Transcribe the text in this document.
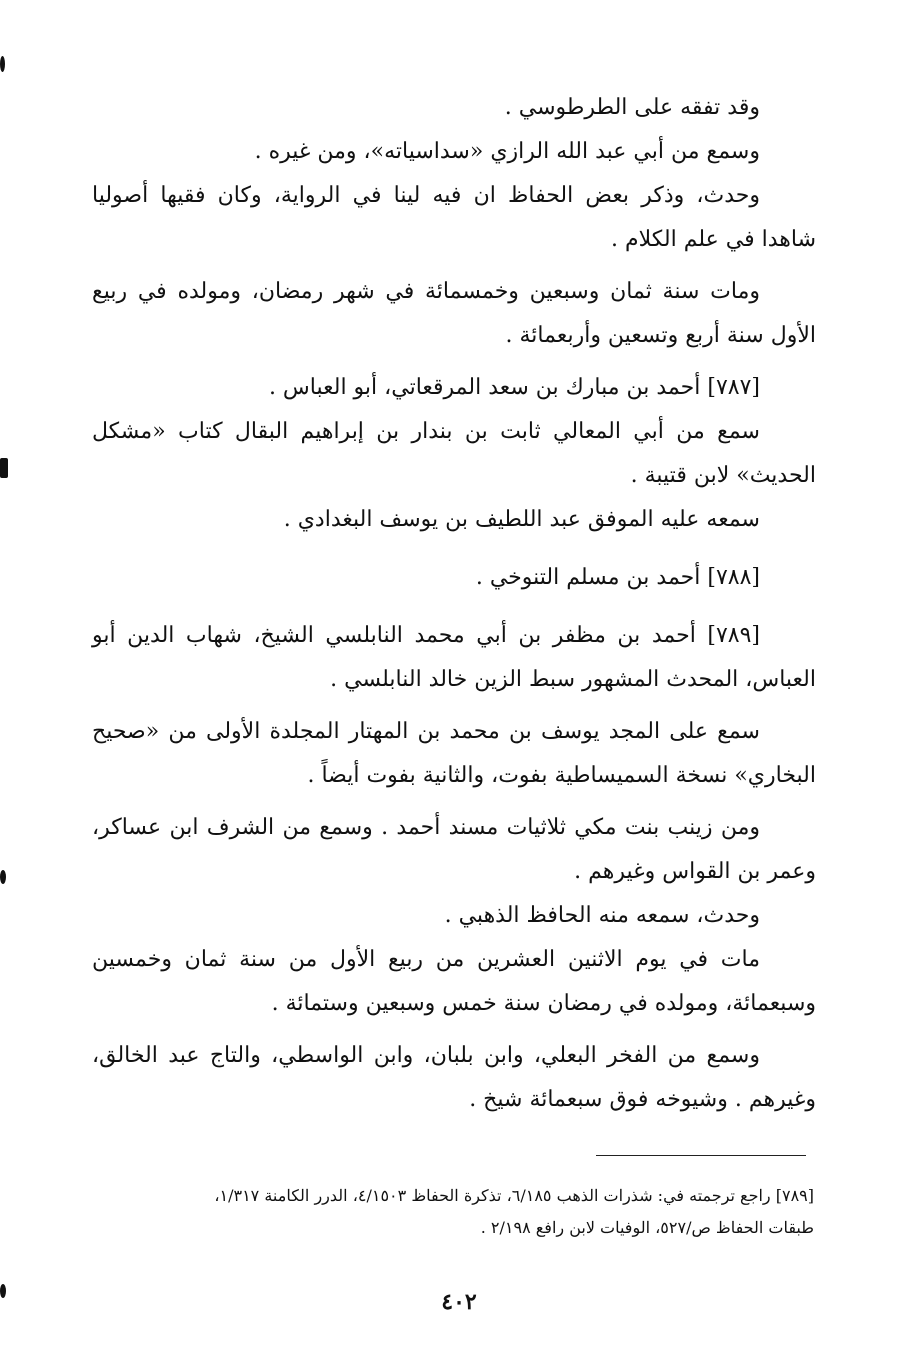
وقد تفقه على الطرطوسي .

وسمع من أبي عبد الله الرازي «سداسياته»، ومن غيره .

وحدث، وذكر بعض الحفاظ ان فيه لينا في الرواية، وكان فقيها أصوليا شاهدا في علم الكلام .

ومات سنة ثمان وسبعين وخمسمائة في شهر رمضان، ومولده في ربيع الأول سنة أربع وتسعين وأربعمائة .

[٧٨٧] أحمد بن مبارك بن سعد المرقعاتي، أبو العباس .

سمع من أبي المعالي ثابت بن بندار بن إبراهيم البقال كتاب «مشكل الحديث» لابن قتيبة .

سمعه عليه الموفق عبد اللطيف بن يوسف البغدادي .

[٧٨٨] أحمد بن مسلم التنوخي .

[٧٨٩] أحمد بن مظفر بن أبي محمد النابلسي الشيخ، شهاب الدين أبو العباس، المحدث المشهور سبط الزين خالد النابلسي .

سمع على المجد يوسف بن محمد بن المهتار المجلدة الأولى من «صحيح البخاري» نسخة السميساطية بفوت، والثانية بفوت أيضاً .

ومن زينب بنت مكي ثلاثيات مسند أحمد . وسمع من الشرف ابن عساكر، وعمر بن القواس وغيرهم .

وحدث، سمعه منه الحافظ الذهبي .

مات في يوم الاثنين العشرين من ربيع الأول من سنة ثمان وخمسين وسبعمائة، ومولده في رمضان سنة خمس وسبعين وستمائة .

وسمع من الفخر البعلي، وابن بلبان، وابن الواسطي، والتاج عبد الخالق، وغيرهم . وشيوخه فوق سبعمائة شيخ .

[٧٨٩] راجع ترجمته في: شذرات الذهب ٦/١٨٥، تذكرة الحفاظ ٤/١٥٠٣، الدرر الكامنة ١/٣١٧،

طبقات الحفاظ ص/٥٢٧، الوفيات لابن رافع ٢/١٩٨ .

٤٠٢
